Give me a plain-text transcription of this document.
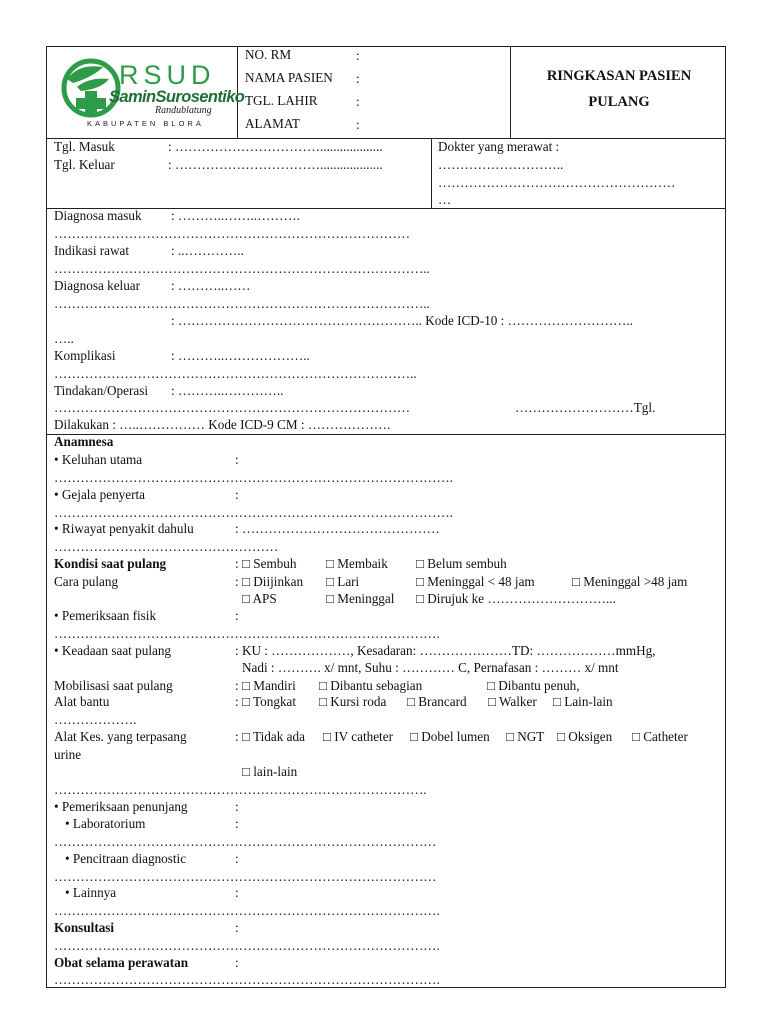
RSUD
SaminSurosentiko
Randublatung
KABUPATEN BLORA
NO. RM	:
NAMA PASIEN :
TGL. LAHIR	:
ALAMAT	:
RINGKASAN PASIEN
PULANG
Tgl. Masuk	: ……………………………...................
Tgl. Keluar	: ……………………………...................
Dokter yang merawat :
………………………..
………………………………………………
…
Diagnosa masuk : ………..……..……….
………………………………………………………………………
Indikasi rawat	: ..…………..
…………………………………………………………………………..
Diagnosa keluar : ………..……
…………………………………………………………………………..
: ……………………………………………….. Kode ICD-10 : ………………………..
…..
Komplikasi	: ………..………………..
………………………………………………………………………..
Tindakan/Operasi : ………..…………..
………………………………………………………………………	………………………Tgl.
Dilakukan : …..…………… Kode ICD-9 CM : ……………….
Anamnesa
• Keluhan utama	:
……………………………………………………………………………….
• Gejala penyerta	:
……………………………………………………………………………….
• Riwayat penyakit dahulu	: ………………………………………
……………………………………………
Kondisi saat pulang	: □ Sembuh □ Membaik □ Belum sembuh
Cara pulang	: □ Diijinkan □ Lari	□ Meninggal < 48 jam	□ Meninggal >48 jam
□ APS	□ Meninggal □ Dirujuk ke ………………………...
• Pemeriksaan fisik	:
…………………………………………………………………………….
• Keadaan saat pulang	: KU : ………………, Kesadaran: …………………TD: ………………mmHg,
Nadi : ………. x/ mnt, Suhu : ………… C, Pernafasan : ……… x/ mnt
Mobilisasi saat pulang	: □ Mandiri □ Dibantu sebagian	□ Dibantu penuh,
Alat bantu	: □ Tongkat □ Kursi roda □ Brancard □ Walker □ Lain-lain
……………….
Alat Kes. yang terpasang
urine
: □ Tidak ada □ IV catheter □ Dobel lumen □ NGT □ Oksigen □ Catheter
□ lain-lain
………………………………………………………………………….
• Pemeriksaan penunjang	:
• Laboratorium	:
……………………………………………………………………………
• Pencitraan diagnostic	:
……………………………………………………………………………
• Lainnya	:
…………………………………………………………………………….
Konsultasi	:
…………………………………………………………………………….
Obat selama perawatan	:
…………………………………………………………………………….
